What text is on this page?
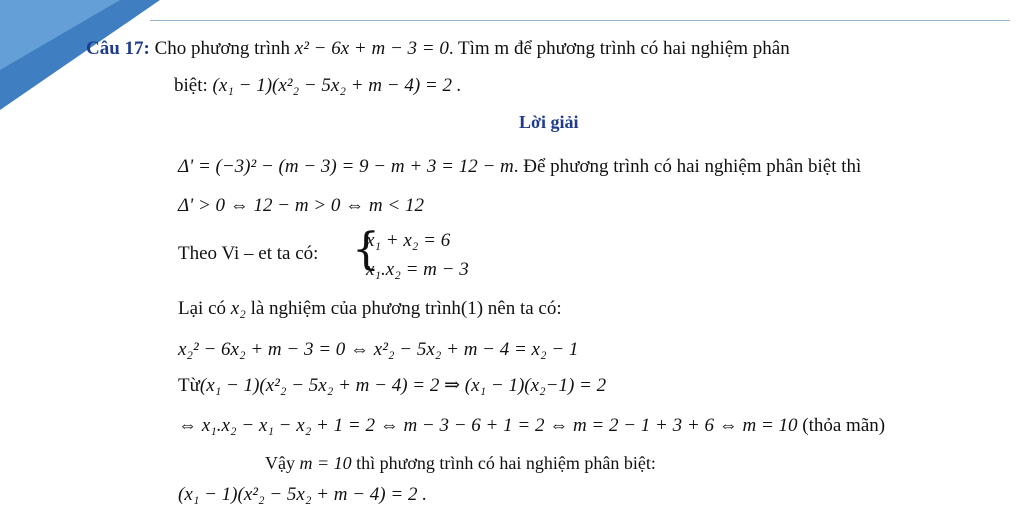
Câu 17: Cho phương trình x² − 6x + m − 3 = 0. Tìm m để phương trình có hai nghiệm phân
biệt: (x₁ − 1)(x²₂ − 5x₂ + m − 4) = 2 .
Lời giải
Δ' = (−3)² − (m − 3) = 9 − m + 3 = 12 − m. Để phương trình có hai nghiệm phân biệt thì
Δ' > 0 ⇔ 12 − m > 0 ⇔ m < 12
Theo Vi – et ta có: {
x₁ + x₂ = 6
x₁.x₂ = m − 3
Lại có x₂ là nghiệm của phương trình(1) nên ta có:
x₂² − 6x₂ + m − 3 = 0 ⇔ x²₂ − 5x₂ + m − 4 = x₂ − 1
Từ(x₁ − 1)(x²₂ − 5x₂ + m − 4) = 2 ⇒ (x₁ − 1)(x₂−1) = 2
⇔ x₁.x₂ − x₁ − x₂ + 1 = 2 ⇔ m − 3 − 6 + 1 = 2 ⇔ m = 2 − 1 + 3 + 6 ⇔ m = 10 (thỏa mãn)
Vậy m = 10 thì phương trình có hai nghiệm phân biệt:
(x₁ − 1)(x²₂ − 5x₂ + m − 4) = 2 .
